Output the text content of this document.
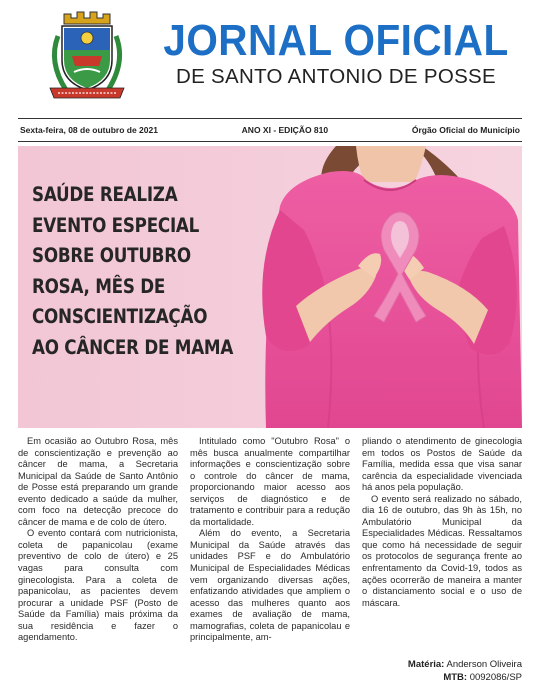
JORNAL OFICIAL
DE SANTO ANTONIO DE POSSE
Sexta-feira, 08 de outubro de 2021	ANO XI - EDIÇÃO 810	Órgão Oficial do Município
SAÚDE REALIZA
EVENTO ESPECIAL
SOBRE OUTUBRO
ROSA, MÊS DE
CONSCIENTIZAÇÃO
AO CÂNCER DE MAMA

Em ocasião ao Outubro Rosa, mês de conscientização e prevenção ao câncer de mama, a Secretaria Municipal da Saúde de Santo Antônio de Posse está preparando um grande evento dedicado a saúde da mulher, com foco na detecção precoce do câncer de mama e de colo de útero.

O evento contará com nutricionista, coleta de papanicolau (exame preventivo de colo de útero) e 25 vagas para consulta com ginecologista. Para a coleta de papanicolau, as pacientes devem procurar a unidade PSF (Posto de Saúde da Família) mais próxima da sua residência e fazer o agendamento.

Intitulado como "Outubro Rosa" o mês busca anualmente compartilhar informações e conscientização sobre o controle do câncer de mama, proporcionando maior acesso aos serviços de diagnóstico e de tratamento e contribuir para a redução da mortalidade.

Além do evento, a Secretaria Municipal da Saúde através das unidades PSF e do Ambulatório Municipal de Especialidades Médicas vem organizando diversas ações, enfatizando atividades que ampliem o acesso das mulheres quanto aos exames de avaliação de mama, mamografias, coleta de papanicolau e principalmente, am-

pliando o atendimento de ginecologia em todos os Postos de Saúde da Família, medida essa que visa sanar carência da especialidade vivenciada há anos pela população.

O evento será realizado no sábado, dia 16 de outubro, das 9h às 15h, no Ambulatório Municipal da Especialidades Médicas. Ressaltamos que como há necessidade de seguir os protocolos de segurança frente ao enfrentamento da Covid-19, todos as ações ocorrerão de maneira a manter o distanciamento social e o uso de máscara.

Matéria: Anderson Oliveira
MTB: 0092086/SP
